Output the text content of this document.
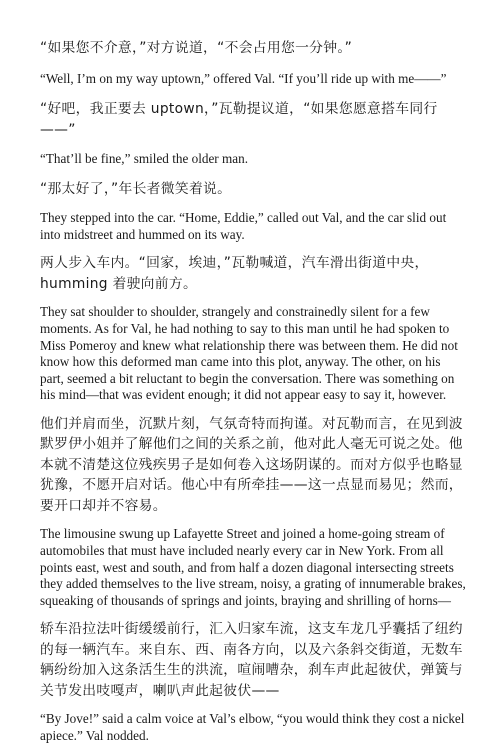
“如果您不介意，”对方说道，“不会占用您一分钟。”

“Well, I’m on my way uptown,” offered Val. “If you’ll ride up with me——”

“好吧，我正要去 uptown，”瓦勒提议道，“如果您愿意搭车同行——”

“That’ll be fine,” smiled the older man.

“那太好了，”年长者微笑着说。

They stepped into the car. “Home, Eddie,” called out Val, and the car slid out into midstreet and hummed on its way.

两人步入车内。“回家，埃迪，”瓦勒喊道，汽车滑出街道中央， humming 着驶向前方。

They sat shoulder to shoulder, strangely and constrainedly silent for a few moments. As for Val, he had nothing to say to this man until he had spoken to Miss Pomeroy and knew what relationship there was between them. He did not know how this deformed man came into this plot, anyway. The other, on his part, seemed a bit reluctant to begin the conversation. There was something on his mind—that was evident enough; it did not appear easy to say it, however.

他们并肩而坐，沉默片刻，气氛奇特而拘谨。对瓦勒而言，在见到波默罗伊小姐并了解他们之间的关系之前，他对此人毫无可说之处。他本就不清楚这位残疾男子是如何卷入这场阴谋的。而对方似乎也略显犹豫，不愿开启对话。他心中有所牵挂——这一点显而易见；然而，要开口却并不容易。

The limousine swung up Lafayette Street and joined a home-going stream of automobiles that must have included nearly every car in New York. From all points east, west and south, and from half a dozen diagonal intersecting streets they added themselves to the live stream, noisy, a grating of innumerable brakes, squeaking of thousands of springs and joints, braying and shrilling of horns—

轿车沿拉法叶街缓缓前行，汇入归家车流，这支车龙几乎囊括了纽约的每一辆汽车。来自东、西、南各方向，以及六条斜交街道，无数车辆纷纷加入这条活生生的洪流，喧闹嘈杂，刹车声此起彼伏，弹簧与关节发出吱嘎声，喇叭声此起彼伏——

“By Jove!” said a calm voice at Val’s elbow, “you would think they cost a nickel apiece.” Val nodded.
